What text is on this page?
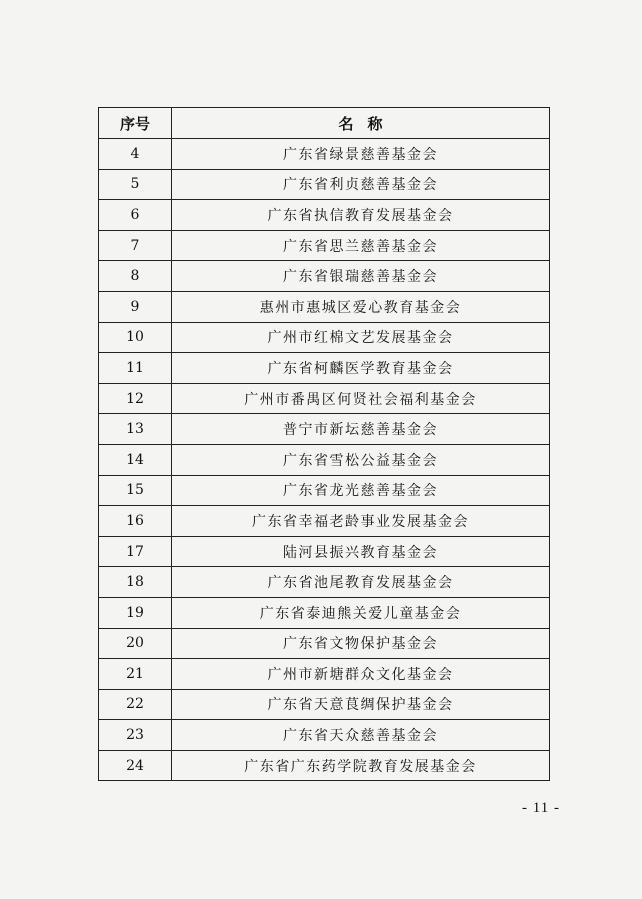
序号	名称
4	广东省绿景慈善基金会
5	广东省利贞慈善基金会
6	广东省执信教育发展基金会
7	广东省思兰慈善基金会
8	广东省银瑞慈善基金会
9	惠州市惠城区爱心教育基金会
10	广州市红棉文艺发展基金会
11	广东省柯麟医学教育基金会
12	广州市番禺区何贤社会福利基金会
13	普宁市新坛慈善基金会
14	广东省雪松公益基金会
15	广东省龙光慈善基金会
16	广东省幸福老龄事业发展基金会
17	陆河县振兴教育基金会
18	广东省池尾教育发展基金会
19	广东省泰迪熊关爱儿童基金会
20	广东省文物保护基金会
21	广州市新塘群众文化基金会
22	广东省天意茛绸保护基金会
23	广东省天众慈善基金会
24	广东省广东药学院教育发展基金会
- 11 -
